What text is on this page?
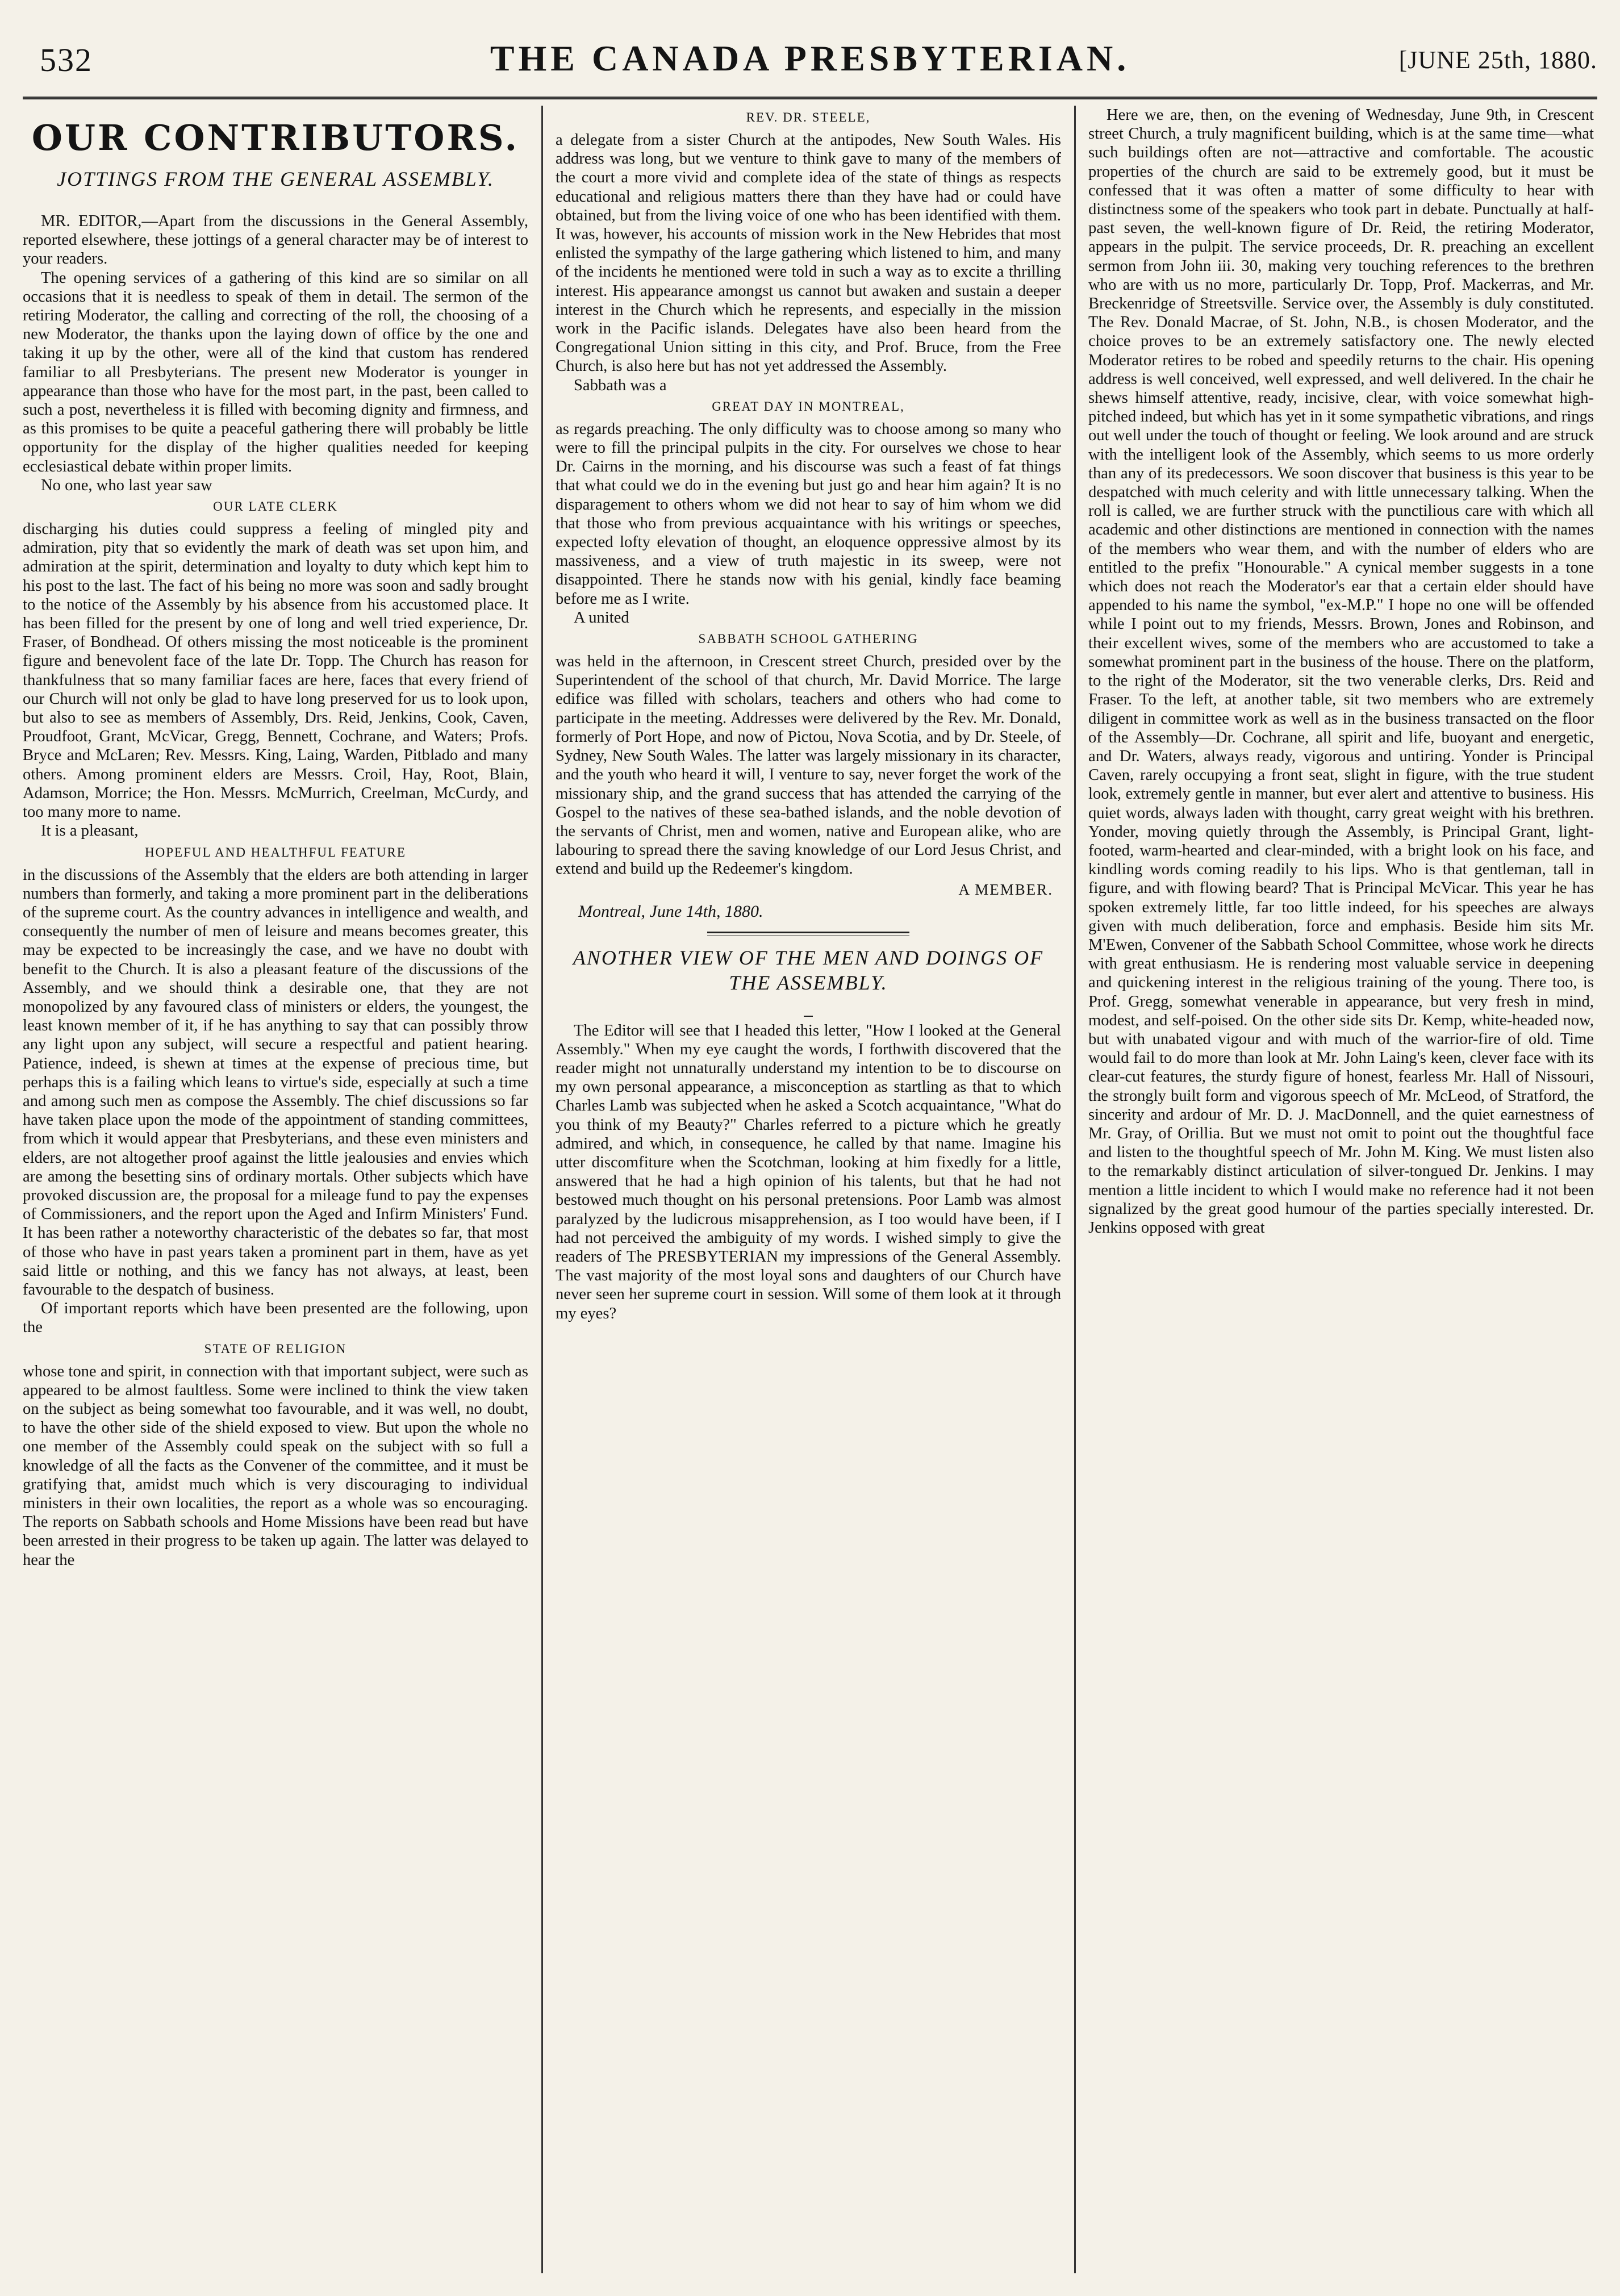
532	THE CANADA PRESBYTERIAN.	[JUNE 25th, 1880.
OUR CONTRIBUTORS.
JOTTINGS FROM THE GENERAL ASSEMBLY.

MR. EDITOR,—Apart from the discussions in the General Assembly, reported elsewhere, these jottings of a general character may be of interest to your readers.

The opening services of a gathering of this kind are so similar on all occasions that it is needless to speak of them in detail. The sermon of the retiring Moderator, the calling and correcting of the roll, the choosing of a new Moderator, the thanks upon the laying down of office by the one and taking it up by the other, were all of the kind that custom has rendered familiar to all Presbyterians. The present new Moderator is younger in appearance than those who have for the most part, in the past, been called to such a post, nevertheless it is filled with becoming dignity and firmness, and as this promises to be quite a peaceful gathering there will probably be little opportunity for the display of the higher qualities needed for keeping ecclesiastical debate within proper limits.

No one, who last year saw

OUR LATE CLERK

discharging his duties could suppress a feeling of mingled pity and admiration, pity that so evidently the mark of death was set upon him, and admiration at the spirit, determination and loyalty to duty which kept him to his post to the last. The fact of his being no more was soon and sadly brought to the notice of the Assembly by his absence from his accustomed place. It has been filled for the present by one of long and well tried experience, Dr. Fraser, of Bondhead. Of others missing the most noticeable is the prominent figure and benevolent face of the late Dr. Topp. The Church has reason for thankfulness that so many familiar faces are here, faces that every friend of our Church will not only be glad to have long preserved for us to look upon, but also to see as members of Assembly, Drs. Reid, Jenkins, Cook, Caven, Proudfoot, Grant, McVicar, Gregg, Bennett, Cochrane, and Waters; Profs. Bryce and McLaren; Rev. Messrs. King, Laing, Warden, Pitblado and many others. Among prominent elders are Messrs. Croil, Hay, Root, Blain, Adamson, Morrice; the Hon. Messrs. McMurrich, Creelman, McCurdy, and too many more to name.

It is a pleasant,

HOPEFUL AND HEALTHFUL FEATURE

in the discussions of the Assembly that the elders are both attending in larger numbers than formerly, and taking a more prominent part in the deliberations of the supreme court. As the country advances in intelligence and wealth, and consequently the number of men of leisure and means becomes greater, this may be expected to be increasingly the case, and we have no doubt with benefit to the Church. It is also a pleasant feature of the discussions of the Assembly, and we should think a desirable one, that they are not monopolized by any favoured class of ministers or elders, the youngest, the least known member of it, if he has anything to say that can possibly throw any light upon any subject, will secure a respectful and patient hearing. Patience, indeed, is shewn at times at the expense of precious time, but perhaps this is a failing which leans to virtue's side, especially at such a time and among such men as compose the Assembly. The chief discussions so far have taken place upon the mode of the appointment of standing committees, from which it would appear that Presbyterians, and these even ministers and elders, are not altogether proof against the little jealousies and envies which are among the besetting sins of ordinary mortals. Other subjects which have provoked discussion are, the proposal for a mileage fund to pay the expenses of Commissioners, and the report upon the Aged and Infirm Ministers' Fund. It has been rather a noteworthy characteristic of the debates so far, that most of those who have in past years taken a prominent part in them, have as yet said little or nothing, and this we fancy has not always, at least, been favourable to the despatch of business.

Of important reports which have been presented are the following, upon the

STATE OF RELIGION

whose tone and spirit, in connection with that important subject, were such as appeared to be almost faultless. Some were inclined to think the view taken on the subject as being somewhat too favourable, and it was well, no doubt, to have the other side of the shield exposed to view. But upon the whole no one member of the Assembly could speak on the subject with so full a knowledge of all the facts as the Convener of the committee, and it must be gratifying that, amidst much which is very discouraging to individual ministers in their own localities, the report as a whole was so encouraging. The reports on Sabbath schools and Home Missions have been read but have been arrested in their progress to be taken up again. The latter was delayed to hear the

REV. DR. STEELE,

a delegate from a sister Church at the antipodes, New South Wales. His address was long, but we venture to think gave to many of the members of the court a more vivid and complete idea of the state of things as respects educational and religious matters there than they have had or could have obtained, but from the living voice of one who has been identified with them. It was, however, his accounts of mission work in the New Hebrides that most enlisted the sympathy of the large gathering which listened to him, and many of the incidents he mentioned were told in such a way as to excite a thrilling interest. His appearance amongst us cannot but awaken and sustain a deeper interest in the Church which he represents, and especially in the mission work in the Pacific islands. Delegates have also been heard from the Congregational Union sitting in this city, and Prof. Bruce, from the Free Church, is also here but has not yet addressed the Assembly.

Sabbath was a

GREAT DAY IN MONTREAL,

as regards preaching. The only difficulty was to choose among so many who were to fill the principal pulpits in the city. For ourselves we chose to hear Dr. Cairns in the morning, and his discourse was such a feast of fat things that what could we do in the evening but just go and hear him again? It is no disparagement to others whom we did not hear to say of him whom we did that those who from previous acquaintance with his writings or speeches, expected lofty elevation of thought, an eloquence oppressive almost by its massiveness, and a view of truth majestic in its sweep, were not disappointed. There he stands now with his genial, kindly face beaming before me as I write.

A united

SABBATH SCHOOL GATHERING

was held in the afternoon, in Crescent street Church, presided over by the Superintendent of the school of that church, Mr. David Morrice. The large edifice was filled with scholars, teachers and others who had come to participate in the meeting. Addresses were delivered by the Rev. Mr. Donald, formerly of Port Hope, and now of Pictou, Nova Scotia, and by Dr. Steele, of Sydney, New South Wales. The latter was largely missionary in its character, and the youth who heard it will, I venture to say, never forget the work of the missionary ship, and the grand success that has attended the carrying of the Gospel to the natives of these sea-bathed islands, and the noble devotion of the servants of Christ, men and women, native and European alike, who are labouring to spread there the saving knowledge of our Lord Jesus Christ, and extend and build up the Redeemer's kingdom.

A MEMBER.
Montreal, June 14th, 1880.
ANOTHER VIEW OF THE MEN AND DOINGS OF THE ASSEMBLY.

The Editor will see that I headed this letter, "How I looked at the General Assembly." When my eye caught the words, I forthwith discovered that the reader might not unnaturally understand my intention to be to discourse on my own personal appearance, a misconception as startling as that to which Charles Lamb was subjected when he asked a Scotch acquaintance, "What do you think of my Beauty?" Charles referred to a picture which he greatly admired, and which, in consequence, he called by that name. Imagine his utter discomfiture when the Scotchman, looking at him fixedly for a little, answered that he had a high opinion of his talents, but that he had not bestowed much thought on his personal pretensions. Poor Lamb was almost paralyzed by the ludicrous misapprehension, as I too would have been, if I had not perceived the ambiguity of my words. I wished simply to give the readers of The PRESBYTERIAN my impressions of the General Assembly. The vast majority of the most loyal sons and daughters of our Church have never seen her supreme court in session. Will some of them look at it through my eyes?

Here we are, then, on the evening of Wednesday, June 9th, in Crescent street Church, a truly magnificent building, which is at the same time—what such buildings often are not—attractive and comfortable. The acoustic properties of the church are said to be extremely good, but it must be confessed that it was often a matter of some difficulty to hear with distinctness some of the speakers who took part in debate. Punctually at half-past seven, the well-known figure of Dr. Reid, the retiring Moderator, appears in the pulpit. The service proceeds, Dr. R. preaching an excellent sermon from John iii. 30, making very touching references to the brethren who are with us no more, particularly Dr. Topp, Prof. Mackerras, and Mr. Breckenridge of Streetsville. Service over, the Assembly is duly constituted. The Rev. Donald Macrae, of St. John, N.B., is chosen Moderator, and the choice proves to be an extremely satisfactory one. The newly elected Moderator retires to be robed and speedily returns to the chair. His opening address is well conceived, well expressed, and well delivered. In the chair he shews himself attentive, ready, incisive, clear, with voice somewhat high-pitched indeed, but which has yet in it some sympathetic vibrations, and rings out well under the touch of thought or feeling. We look around and are struck with the intelligent look of the Assembly, which seems to us more orderly than any of its predecessors. We soon discover that business is this year to be despatched with much celerity and with little unnecessary talking. When the roll is called, we are further struck with the punctilious care with which all academic and other distinctions are mentioned in connection with the names of the members who wear them, and with the number of elders who are entitled to the prefix "Honourable." A cynical member suggests in a tone which does not reach the Moderator's ear that a certain elder should have appended to his name the symbol, "ex-M.P." I hope no one will be offended while I point out to my friends, Messrs. Brown, Jones and Robinson, and their excellent wives, some of the members who are accustomed to take a somewhat prominent part in the business of the house. There on the platform, to the right of the Moderator, sit the two venerable clerks, Drs. Reid and Fraser. To the left, at another table, sit two members who are extremely diligent in committee work as well as in the business transacted on the floor of the Assembly—Dr. Cochrane, all spirit and life, buoyant and energetic, and Dr. Waters, always ready, vigorous and untiring. Yonder is Principal Caven, rarely occupying a front seat, slight in figure, with the true student look, extremely gentle in manner, but ever alert and attentive to business. His quiet words, always laden with thought, carry great weight with his brethren. Yonder, moving quietly through the Assembly, is Principal Grant, light-footed, warm-hearted and clear-minded, with a bright look on his face, and kindling words coming readily to his lips. Who is that gentleman, tall in figure, and with flowing beard? That is Principal McVicar. This year he has spoken extremely little, far too little indeed, for his speeches are always given with much deliberation, force and emphasis. Beside him sits Mr. M'Ewen, Convener of the Sabbath School Committee, whose work he directs with great enthusiasm. He is rendering most valuable service in deepening and quickening interest in the religious training of the young. There too, is Prof. Gregg, somewhat venerable in appearance, but very fresh in mind, modest, and self-poised. On the other side sits Dr. Kemp, white-headed now, but with unabated vigour and with much of the warrior-fire of old. Time would fail to do more than look at Mr. John Laing's keen, clever face with its clear-cut features, the sturdy figure of honest, fearless Mr. Hall of Nissouri, the strongly built form and vigorous speech of Mr. McLeod, of Stratford, the sincerity and ardour of Mr. D. J. MacDonnell, and the quiet earnestness of Mr. Gray, of Orillia. But we must not omit to point out the thoughtful face and listen to the thoughtful speech of Mr. John M. King. We must listen also to the remarkably distinct articulation of silver-tongued Dr. Jenkins. I may mention a little incident to which I would make no reference had it not been signalized by the great good humour of the parties specially interested. Dr. Jenkins opposed with great
